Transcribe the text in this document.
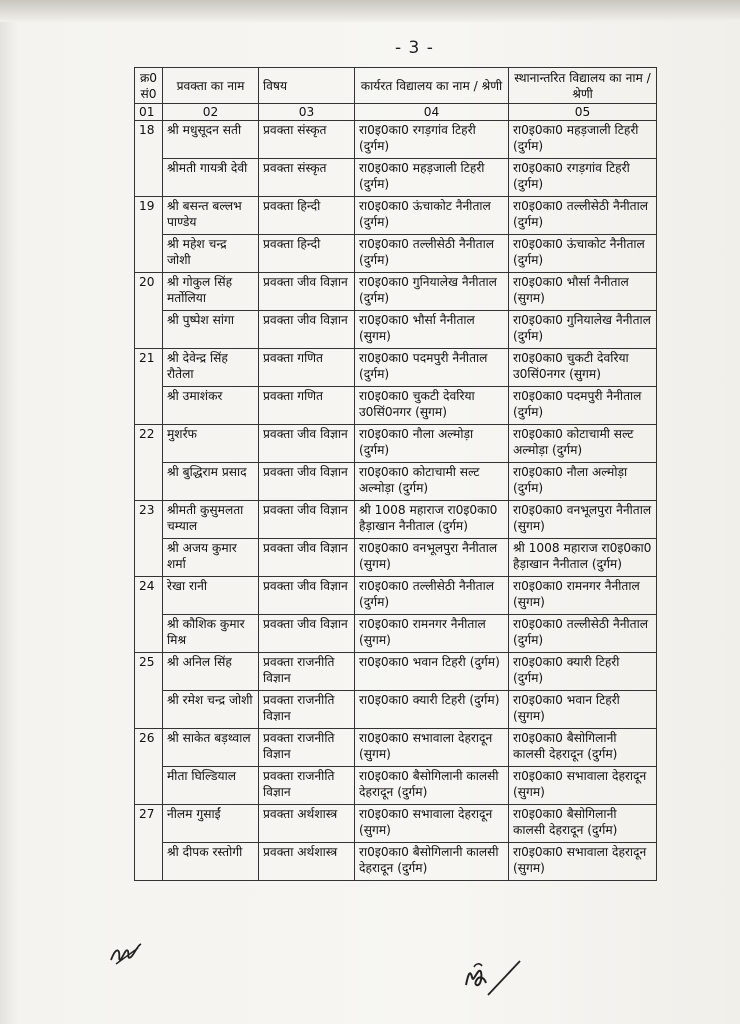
- 3 -
क्र0 सं0	प्रवक्ता का नाम	विषय	कार्यरत विद्यालय का नाम / श्रेणी	स्थानान्तरित विद्यालय का नाम / श्रेणी
01	02	03	04	05
18	श्री मधुसूदन सती	प्रवक्ता संस्कृत	रा0इ0का0 रगड़गांव टिहरी (दुर्गम)	रा0इ0का0 महड़जाली टिहरी (दुर्गम)
	श्रीमती गायत्री देवी	प्रवक्ता संस्कृत	रा0इ0का0 महड़जाली टिहरी (दुर्गम)	रा0इ0का0 रगड़गांव टिहरी (दुर्गम)
19	श्री बसन्त बल्लभ पाण्डेय	प्रवक्ता हिन्दी	रा0इ0का0 ऊंचाकोट नैनीताल (दुर्गम)	रा0इ0का0 तल्लीसेठी नैनीताल (दुर्गम)
	श्री महेश चन्द्र जोशी	प्रवक्ता हिन्दी	रा0इ0का0 तल्लीसेठी नैनीताल (दुर्गम)	रा0इ0का0 ऊंचाकोट नैनीताल (दुर्गम)
20	श्री गोकुल सिंह मर्तोलिया	प्रवक्ता जीव विज्ञान	रा0इ0का0 गुनियालेख नैनीताल (दुर्गम)	रा0इ0का0 भौर्सा नैनीताल (सुगम)
	श्री पुष्पेश सांगा	प्रवक्ता जीव विज्ञान	रा0इ0का0 भौर्सा नैनीताल (सुगम)	रा0इ0का0 गुनियालेख नैनीताल (दुर्गम)
21	श्री देवेन्द्र सिंह रौतेला	प्रवक्ता गणित	रा0इ0का0 पदमपुरी नैनीताल (दुर्गम)	रा0इ0का0 चुकटी देवरिया उ0सिं0नगर (सुगम)
	श्री उमाशंकर	प्रवक्ता गणित	रा0इ0का0 चुकटी देवरिया उ0सिं0नगर (सुगम)	रा0इ0का0 पदमपुरी नैनीताल (दुर्गम)
22	मुशर्रफ	प्रवक्ता जीव विज्ञान	रा0इ0का0 नौला अल्मोड़ा (दुर्गम)	रा0इ0का0 कोटाचामी सल्ट अल्मोड़ा (दुर्गम)
	श्री बुद्धिराम प्रसाद	प्रवक्ता जीव विज्ञान	रा0इ0का0 कोटाचामी सल्ट अल्मोड़ा (दुर्गम)	रा0इ0का0 नौला अल्मोड़ा (दुर्गम)
23	श्रीमती कुसुमलता चम्याल	प्रवक्ता जीव विज्ञान	श्री 1008 महाराज रा0इ0का0 हैड़ाखान नैनीताल (दुर्गम)	रा0इ0का0 वनभूलपुरा नैनीताल (सुगम)
	श्री अजय कुमार शर्मा	प्रवक्ता जीव विज्ञान	रा0इ0का0 वनभूलपुरा नैनीताल (सुगम)	श्री 1008 महाराज रा0इ0का0 हैड़ाखान नैनीताल (दुर्गम)
24	रेखा रानी	प्रवक्ता जीव विज्ञान	रा0इ0का0 तल्लीसेठी नैनीताल (दुर्गम)	रा0इ0का0 रामनगर नैनीताल (सुगम)
	श्री कौशिक कुमार मिश्र	प्रवक्ता जीव विज्ञान	रा0इ0का0 रामनगर नैनीताल (सुगम)	रा0इ0का0 तल्लीसेठी नैनीताल (दुर्गम)
25	श्री अनिल सिंह	प्रवक्ता राजनीति विज्ञान	रा0इ0का0 भवान टिहरी (दुर्गम)	रा0इ0का0 क्यारी टिहरी (दुर्गम)
	श्री रमेश चन्द्र जोशी	प्रवक्ता राजनीति विज्ञान	रा0इ0का0 क्यारी टिहरी (दुर्गम)	रा0इ0का0 भवान टिहरी (सुगम)
26	श्री साकेत बड़थ्वाल	प्रवक्ता राजनीति विज्ञान	रा0इ0का0 सभावाला देहरादून (सुगम)	रा0इ0का0 बैसोगिलानी कालसी देहरादून (दुर्गम)
	मीता घिल्डियाल	प्रवक्ता राजनीति विज्ञान	रा0इ0का0 बैसोगिलानी कालसी देहरादून (दुर्गम)	रा0इ0का0 सभावाला देहरादून (सुगम)
27	नीलम गुसाईं	प्रवक्ता अर्थशास्त्र	रा0इ0का0 सभावाला देहरादून (सुगम)	रा0इ0का0 बैसोगिलानी कालसी देहरादून (दुर्गम)
	श्री दीपक रस्तोगी	प्रवक्ता अर्थशास्त्र	रा0इ0का0 बैसोगिलानी कालसी देहरादून (दुर्गम)	रा0इ0का0 सभावाला देहरादून (सुगम)
